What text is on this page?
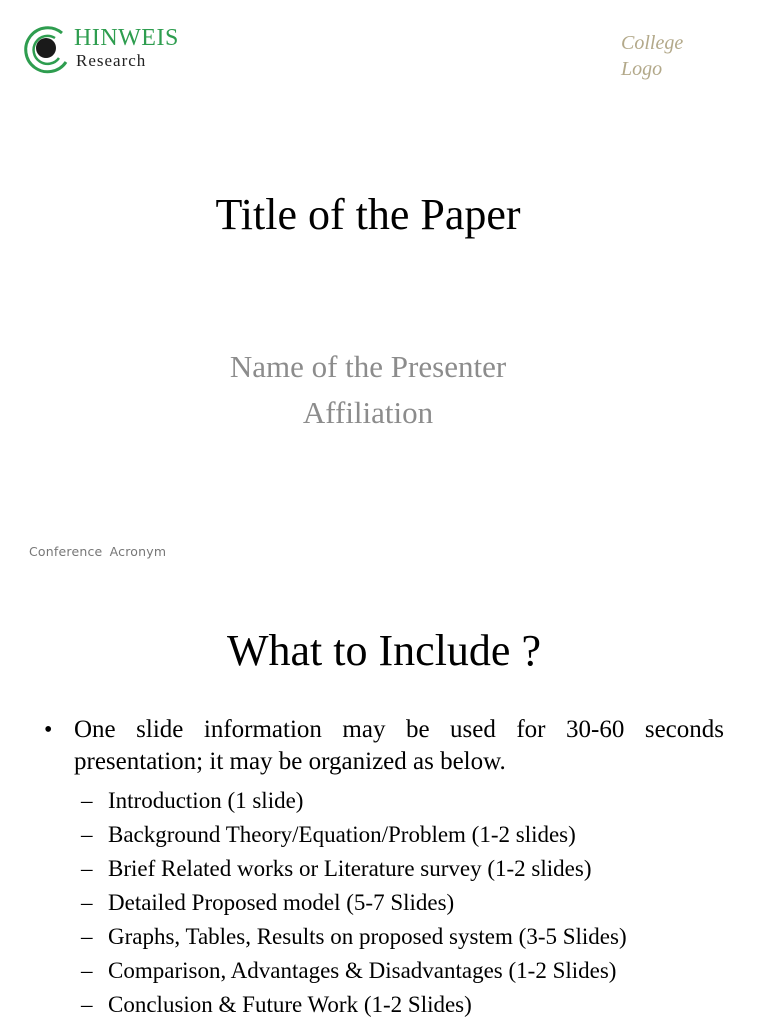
HINWEIS
Research
College
Logo
Title of the Paper
Name of the Presenter
Affiliation
Conference Acronym
What to Include ?
• One slide information may be used for 30-60 seconds presentation; it may be organized as below.
– Introduction (1 slide)
– Background Theory/Equation/Problem (1-2 slides)
– Brief Related works or Literature survey (1-2 slides)
– Detailed Proposed model (5-7 Slides)
– Graphs, Tables, Results on proposed system (3-5 Slides)
– Comparison, Advantages & Disadvantages (1-2 Slides)
– Conclusion & Future Work (1-2 Slides)
